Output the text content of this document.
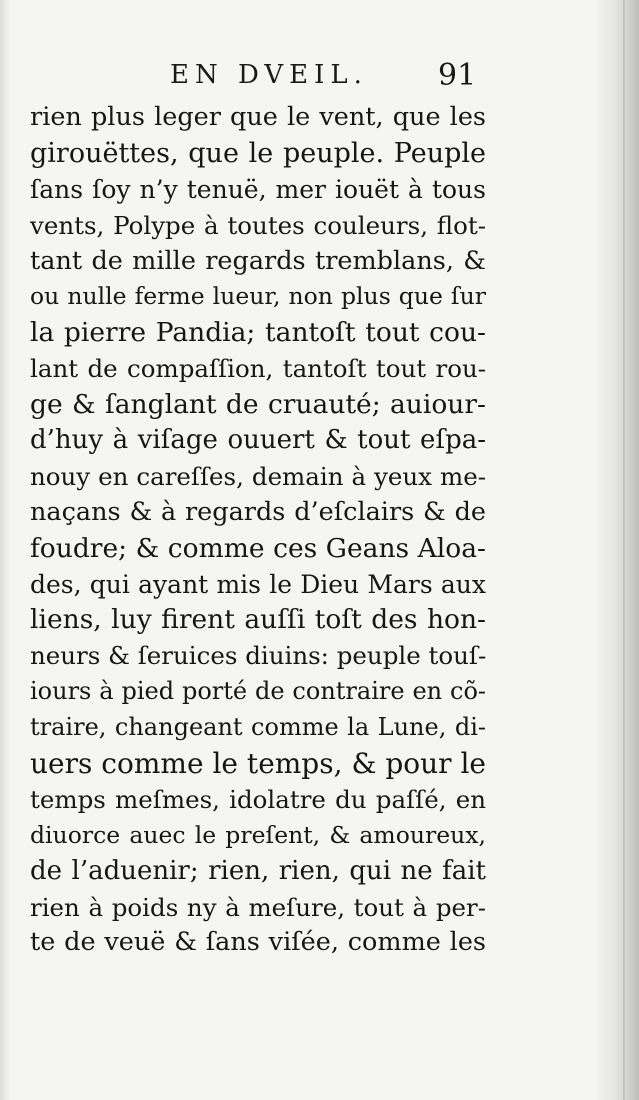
EN DVEIL. 91
rien plus leger que le vent, que les
girouëttes, que le peuple. Peuple
ſans ſoy n’y tenuë, mer iouët à tous
vents, Polype à toutes couleurs, flot-
tant de mille regards tremblans, &
ou nulle ferme lueur, non plus que ſur
la pierre Pandia; tantoſt tout cou-
lant de compaſſion, tantoſt tout rou-
ge & ſanglant de cruauté; auiour-
d’huy à viſage ouuert & tout eſpa-
nouy en careſſes, demain à yeux me-
naçans & à regards d’eſclairs & de
foudre; & comme ces Geans Aloa-
des, qui ayant mis le Dieu Mars aux
liens, luy firent auſſi toſt des hon-
neurs & ſeruices diuins: peuple touſ-
iours à pied porté de contraire en cõ-
traire, changeant comme la Lune, di-
uers comme le temps, & pour le
temps meſmes, idolatre du paſſé, en
diuorce auec le preſent, & amoureux,
de l’aduenir; rien, rien, qui ne fait
rien à poids ny à meſure, tout à per-
te de veuë & ſans viſée, comme les
